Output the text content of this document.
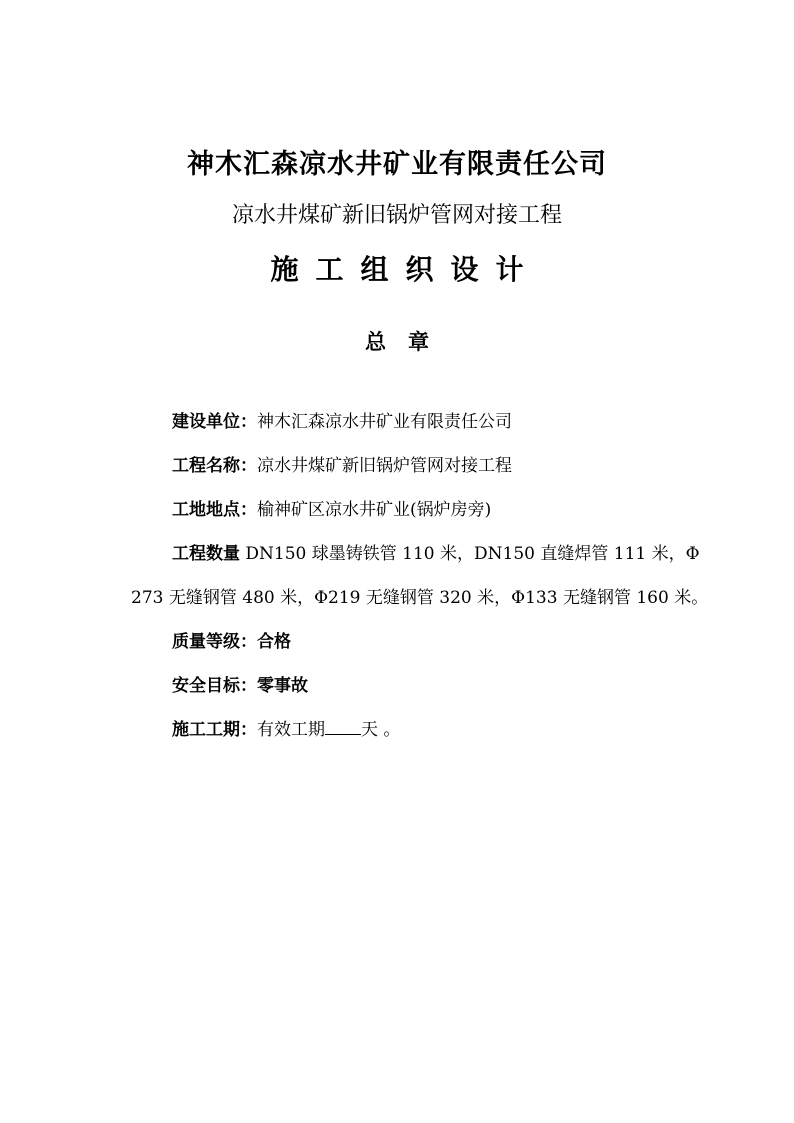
神木汇森凉水井矿业有限责任公司
凉水井煤矿新旧锅炉管网对接工程
施工组织设计
总章
建设单位：神木汇森凉水井矿业有限责任公司
工程名称：凉水井煤矿新旧锅炉管网对接工程
工地地点：榆神矿区凉水井矿业(锅炉房旁)
工程数量 DN150 球墨铸铁管 110 米，DN150 直缝焊管 111 米，Φ
273 无缝钢管 480 米，Φ219 无缝钢管 320 米，Φ133 无缝钢管 160 米。
质量等级：合格
安全目标：零事故
施工工期：有效工期 天 。
